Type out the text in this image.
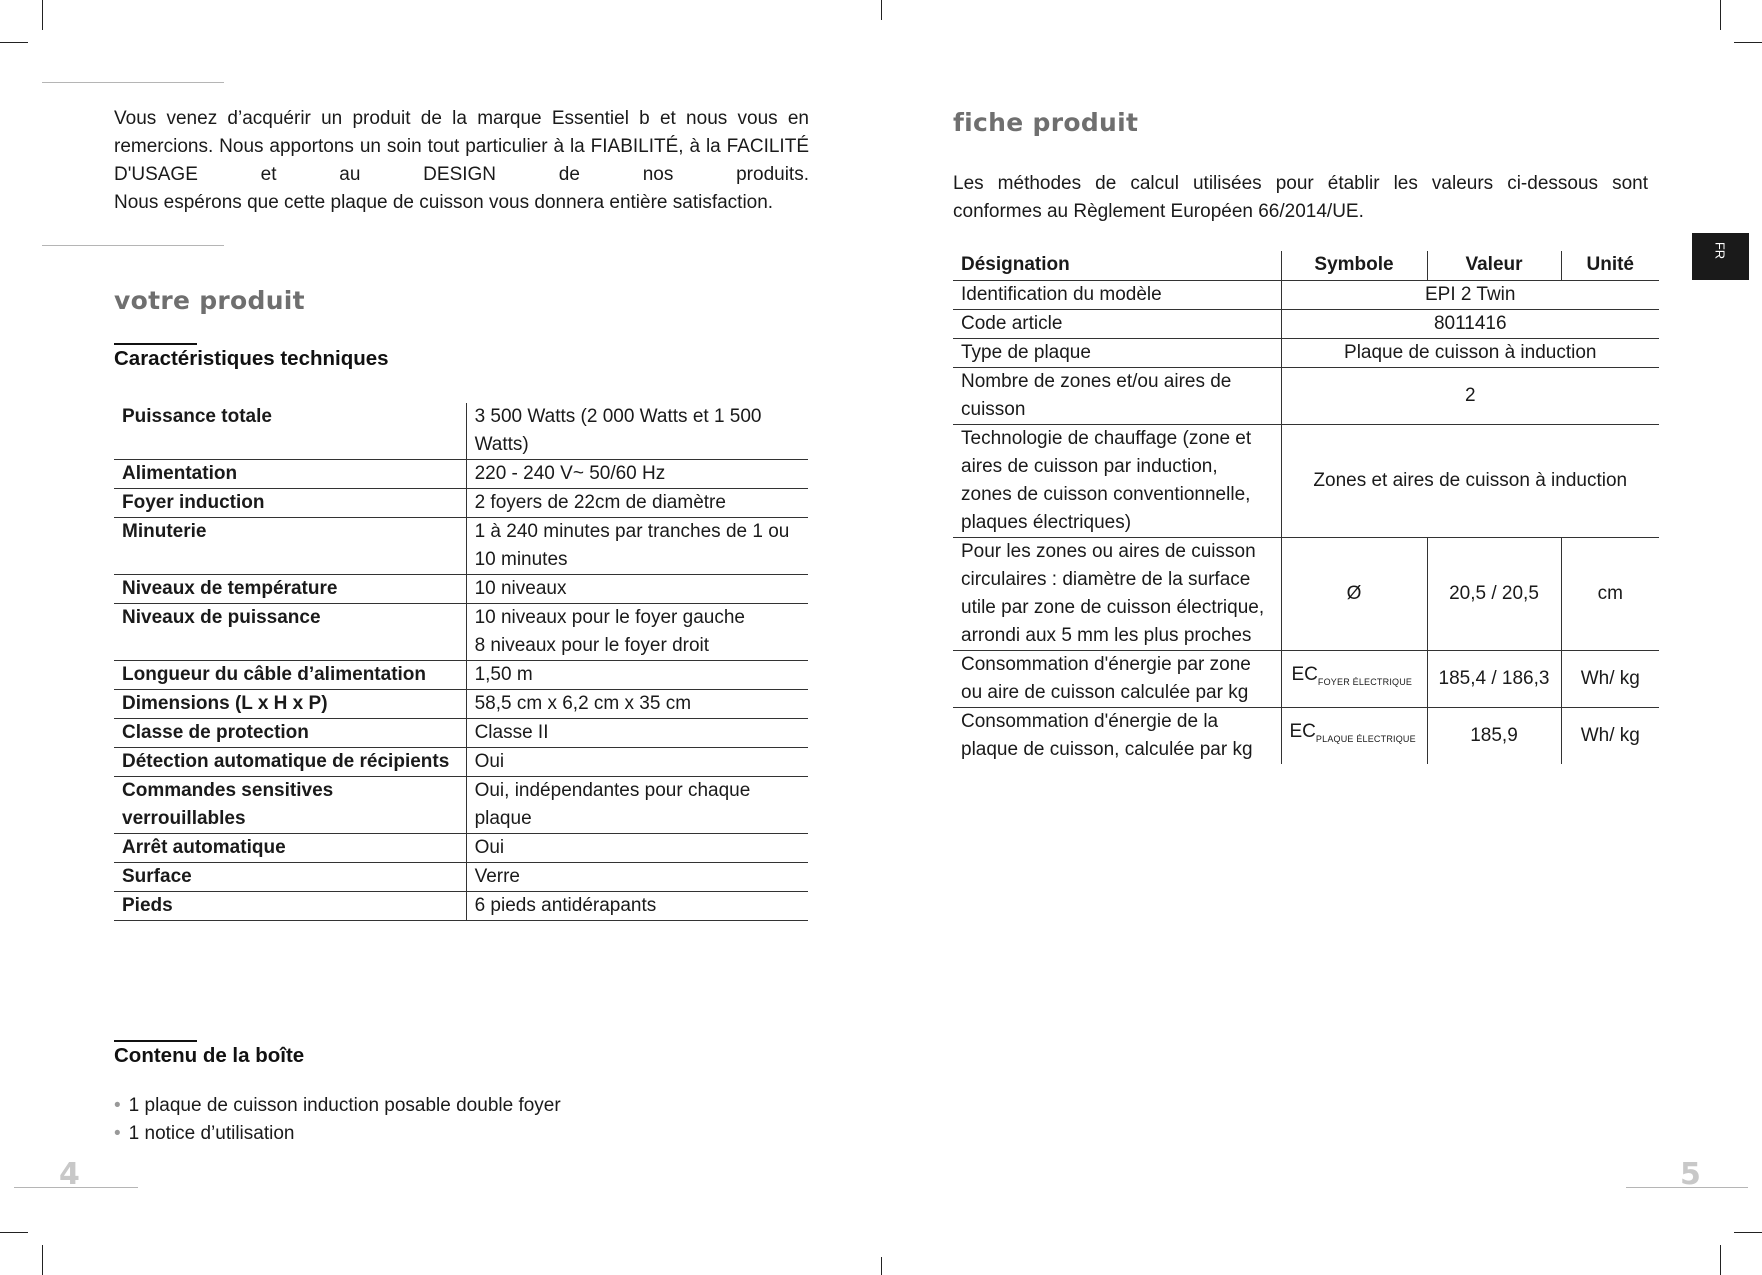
Vous venez d’acquérir un produit de la marque Essentiel b et nous vous en remercions. Nous apportons un soin tout particulier à la FIABILITÉ, à la FACILITÉ D'USAGE et au DESIGN de nos produits.

Nous espérons que cette plaque de cuisson vous donnera entière satisfaction.

votre produit
Caractéristiques techniques
Puissance totale	3 500 Watts (2 000 Watts et 1 500 Watts)
Alimentation	220 - 240 V~ 50/60 Hz
Foyer induction	2 foyers de 22cm de diamètre
Minuterie	1 à 240 minutes par tranches de 1 ou 10 minutes
Niveaux de température	10 niveaux
Niveaux de puissance	10 niveaux pour le foyer gauche
8 niveaux pour le foyer droit
Longueur du câble d’alimentation	1,50 m
Dimensions (L x H x P)	58,5 cm x 6,2 cm x 35 cm
Classe de protection	Classe II
Détection automatique de récipients	Oui
Commandes sensitives verrouillables	Oui, indépendantes pour chaque plaque
Arrêt automatique	Oui
Surface	Verre
Pieds	6 pieds antidérapants
Contenu de la boîte
• 1 plaque de cuisson induction posable double foyer
• 1 notice d’utilisation
4
fiche produit

Les méthodes de calcul utilisées pour établir les valeurs ci-dessous sont conformes au Règlement Européen 66/2014/UE.

Désignation	Symbole	Valeur	Unité
Identification du modèle	EPI 2 Twin		
Code article	8011416		
Type de plaque	Plaque de cuisson à induction		
Nombre de zones et/ou aires de cuisson	2		
Technologie de chauffage (zone et aires de cuisson par induction, zones de cuisson conventionnelle, plaques électriques)	Zones et aires de cuisson à induction		
Pour les zones ou aires de cuisson circulaires : diamètre de la surface utile par zone de cuisson électrique, arrondi aux 5 mm les plus proches	Ø	20,5 / 20,5	cm
Consommation d'énergie par zone ou aire de cuisson calculée par kg	$EC_{FOYER ÉLECTRIQUE}$	185,4 / 186,3	Wh/ kg
Consommation d'énergie de la plaque de cuisson, calculée par kg	$EC_{PLAQUE ÉLECTRIQUE}$	185,9	Wh/ kg
FR
5
